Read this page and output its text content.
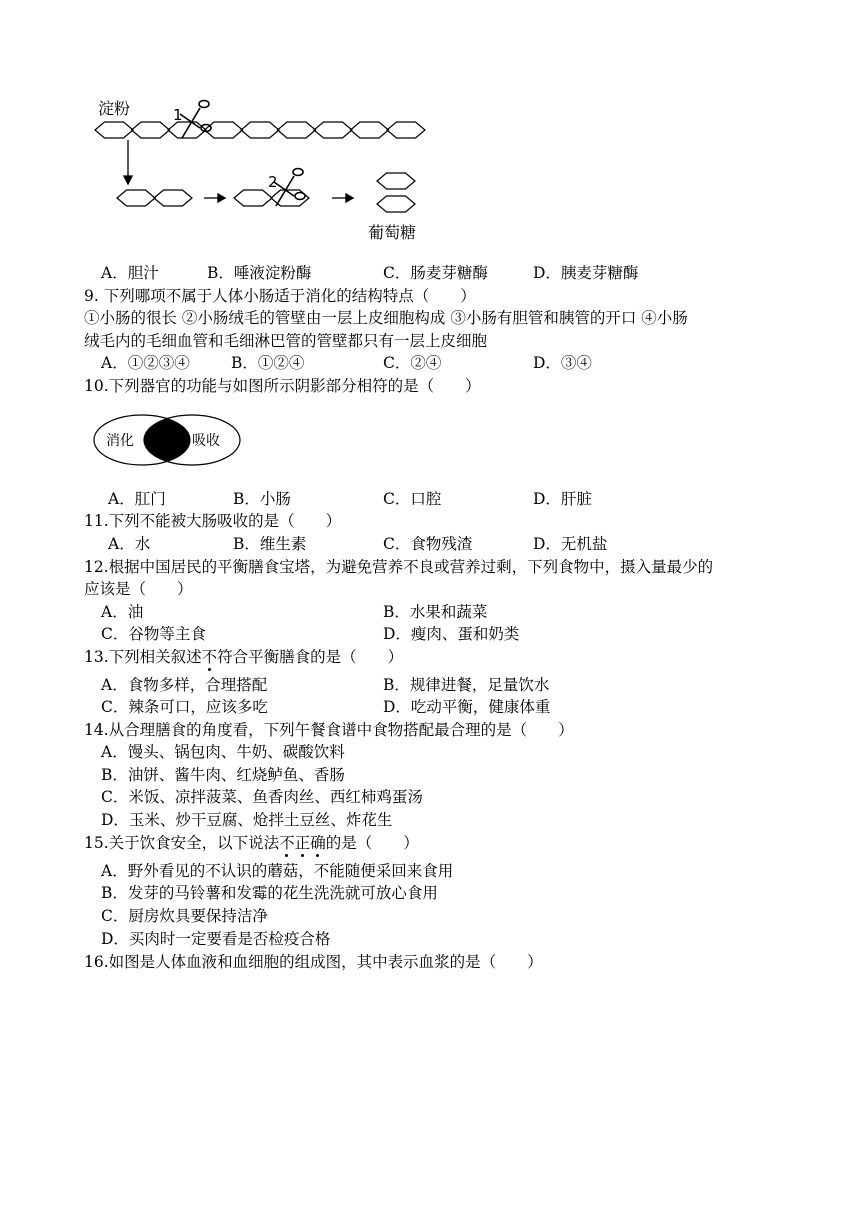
淀粉	1
2
葡萄糖
A．胆汁	B．唾液淀粉酶	C．肠麦芽糖酶	D．胰麦芽糖酶
9. 下列哪项不属于人体小肠适于消化的结构特点（　　）
①小肠的很长 ②小肠绒毛的管壁由一层上皮细胞构成 ③小肠有胆管和胰管的开口 ④小肠
绒毛内的毛细血管和毛细淋巴管的管壁都只有一层上皮细胞
A．①②③④	B．①②④	C．②④	D．③④
10.下列器官的功能与如图所示阴影部分相符的是（　　）
消化	吸收
A．肛门	B．小肠	C．口腔	D．肝脏
11.下列不能被大肠吸收的是（　　）
A．水	B．维生素	C．食物残渣	D．无机盐
12.根据中国居民的平衡膳食宝塔，为避免营养不良或营养过剩，下列食物中，摄入量最少的
应该是（　　）
A．油	B．水果和蔬菜
C．谷物等主食	D．瘦肉、蛋和奶类
13.下列相关叙述不符合平衡膳食的是（　　）
A．食物多样，合理搭配	B．规律进餐，足量饮水
C．辣条可口，应该多吃	D．吃动平衡，健康体重
14.从合理膳食的角度看，下列午餐食谱中食物搭配最合理的是（　　）
A．馒头、锅包肉、牛奶、碳酸饮料
B．油饼、酱牛肉、红烧鲈鱼、香肠
C．米饭、凉拌菠菜、鱼香肉丝、西红柿鸡蛋汤
D．玉米、炒干豆腐、炝拌土豆丝、炸花生
15.关于饮食安全，以下说法不正确的是（　　）
A．野外看见的不认识的蘑菇，不能随便采回来食用
B．发芽的马铃薯和发霉的花生洗洗就可放心食用
C．厨房炊具要保持洁净
D．买肉时一定要看是否检疫合格
16.如图是人体血液和血细胞的组成图，其中表示血浆的是（　　）
